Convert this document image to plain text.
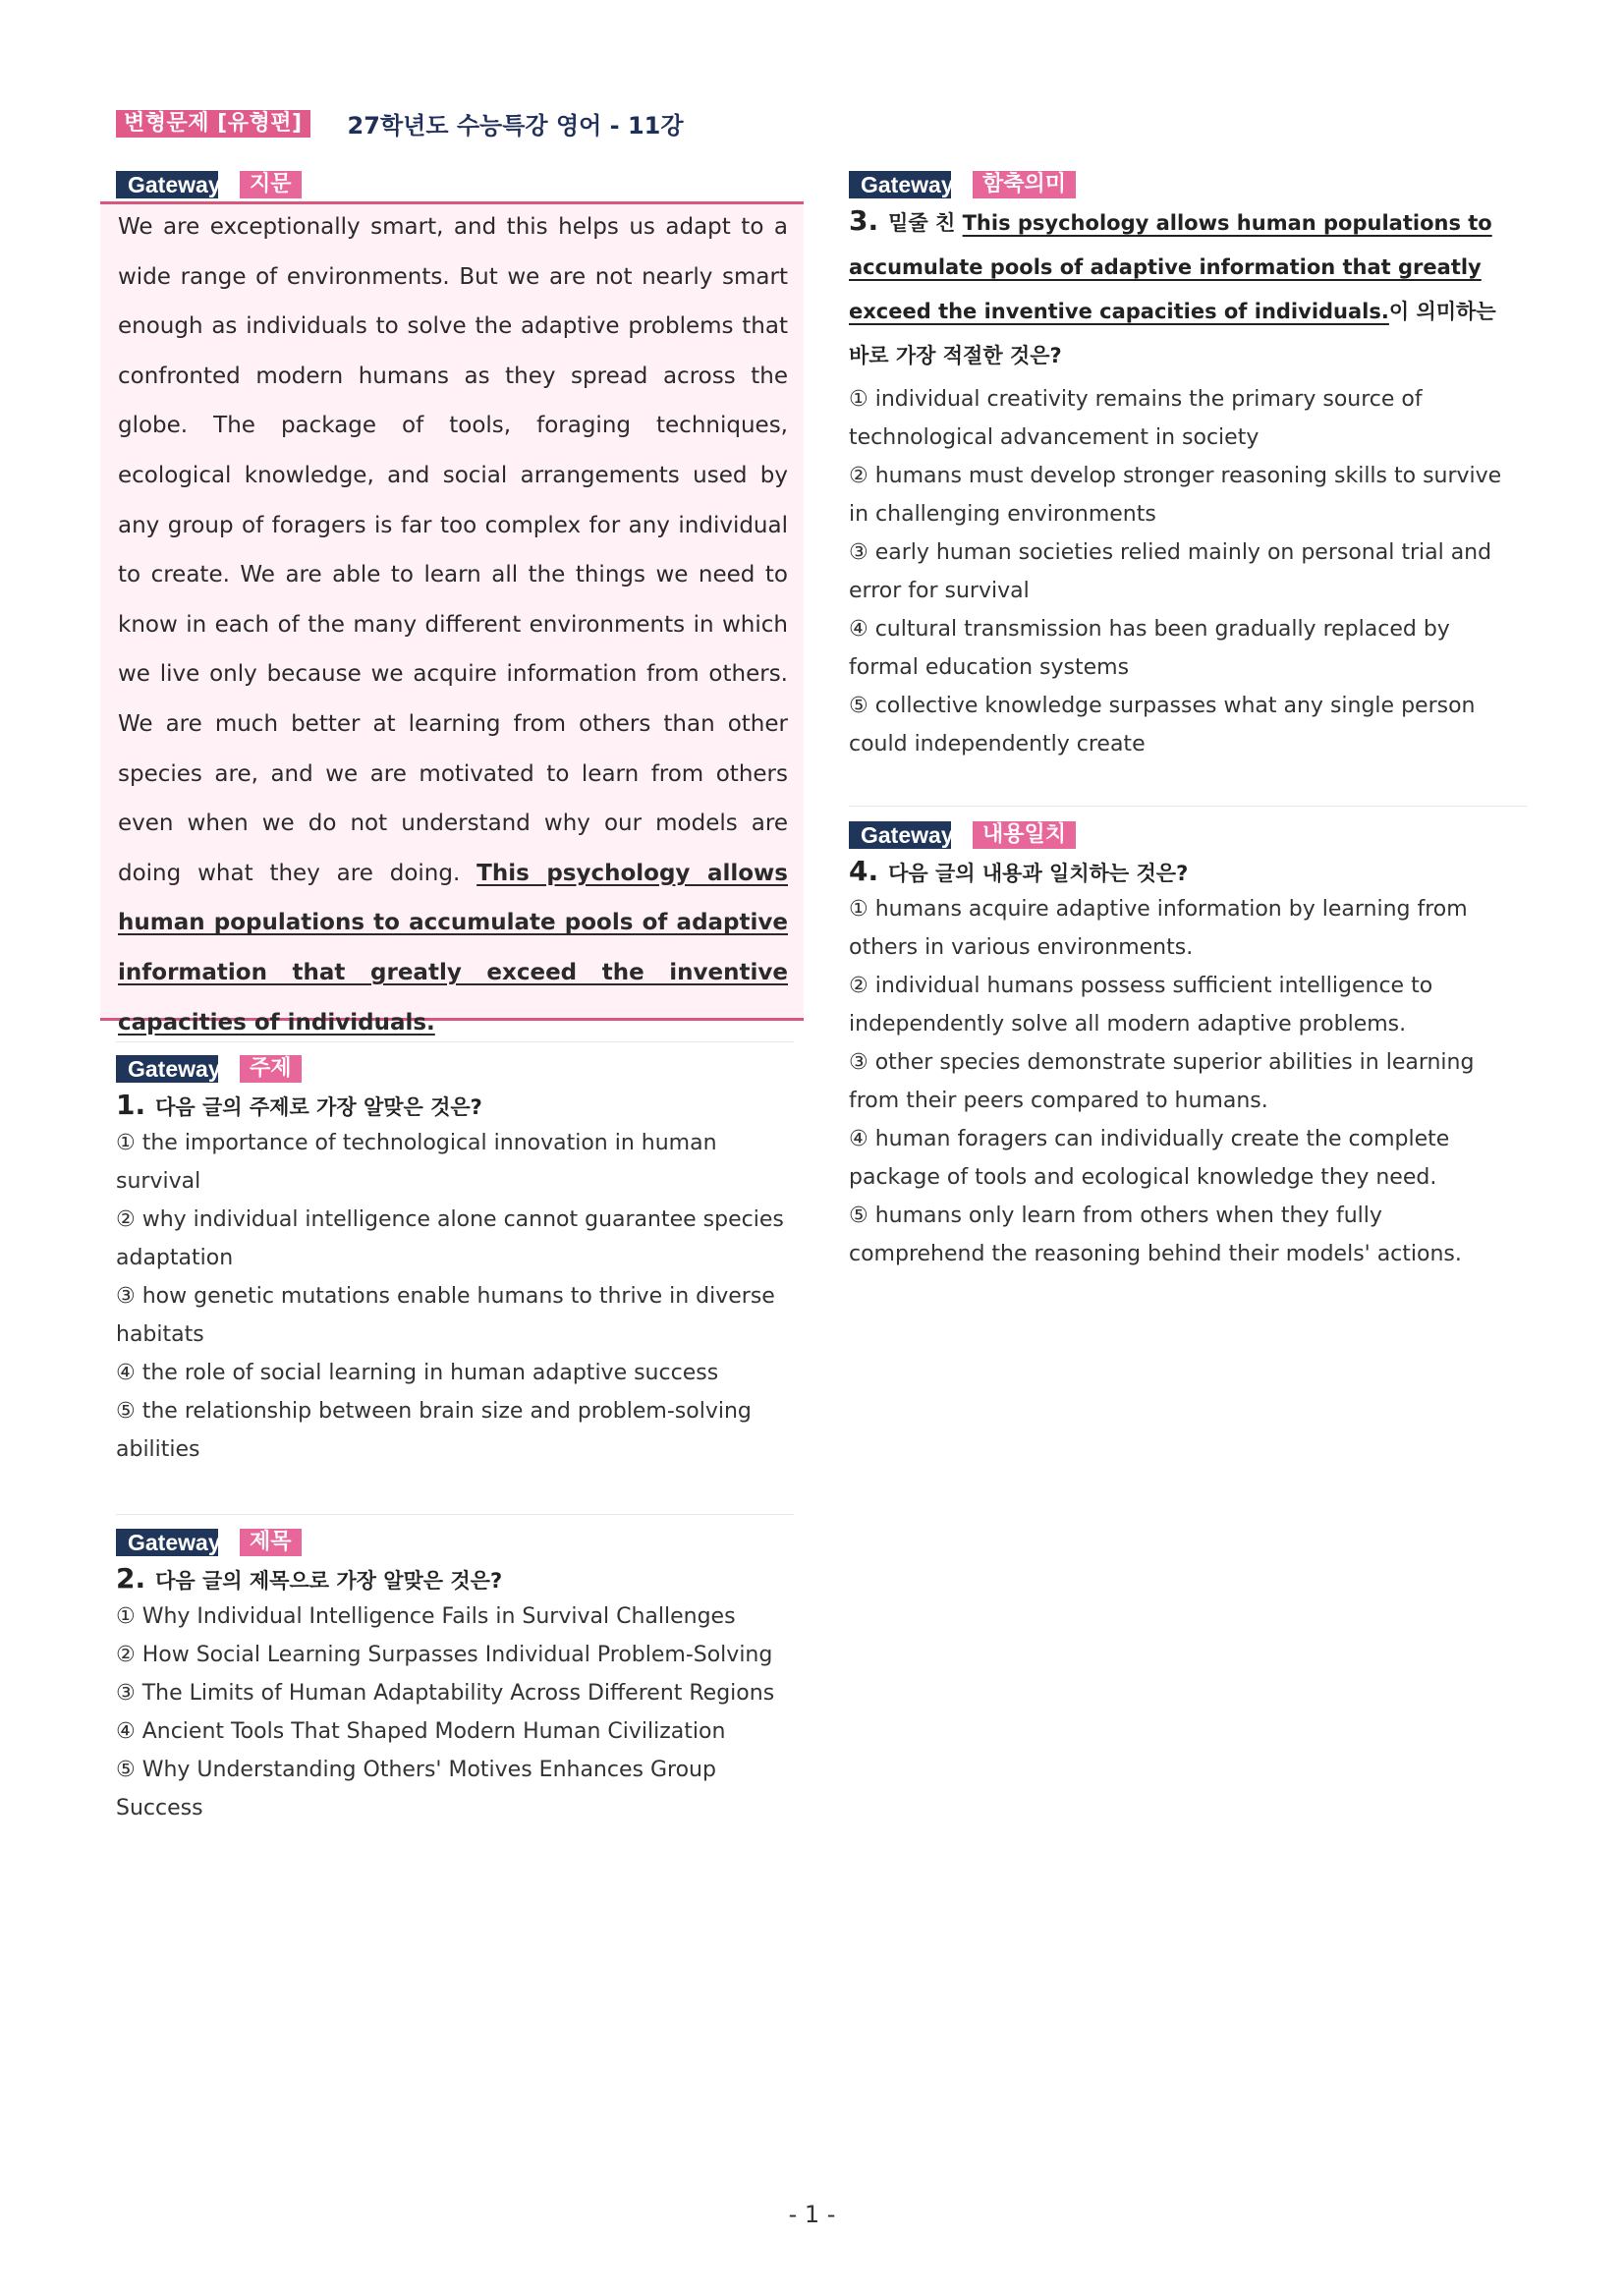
변형문제 [유형편]	27학년도 수능특강 영어 - 11강
Gateway	지문
We are exceptionally smart, and this helps us adapt to a wide range of environments. But we are not nearly smart enough as individuals to solve the adaptive problems that confronted modern humans as they spread across the globe. The package of tools, foraging techniques, ecological knowledge, and social arrangements used by any group of foragers is far too complex for any individual to create. We are able to learn all the things we need to know in each of the many different environments in which we live only because we acquire information from others. We are much better at learning from others than other species are, and we are motivated to learn from others even when we do not understand why our models are doing what they are doing. This psychology allows human populations to accumulate pools of adaptive information that greatly exceed the inventive capacities of individuals.
Gateway	주제
1. 다음 글의 주제로 가장 알맞은 것은?
① the importance of technological innovation in human survival
② why individual intelligence alone cannot guarantee species adaptation
③ how genetic mutations enable humans to thrive in diverse habitats
④ the role of social learning in human adaptive success
⑤ the relationship between brain size and problem-solving abilities
Gateway	제목
2. 다음 글의 제목으로 가장 알맞은 것은?
① Why Individual Intelligence Fails in Survival Challenges
② How Social Learning Surpasses Individual Problem-Solving
③ The Limits of Human Adaptability Across Different Regions
④ Ancient Tools That Shaped Modern Human Civilization
⑤ Why Understanding Others' Motives Enhances Group Success
Gateway	함축의미
3. 밑줄 친 This psychology allows human populations to accumulate pools of adaptive information that greatly exceed the inventive capacities of individuals.이 의미하는 바로 가장 적절한 것은?
① individual creativity remains the primary source of technological advancement in society
② humans must develop stronger reasoning skills to survive in challenging environments
③ early human societies relied mainly on personal trial and error for survival
④ cultural transmission has been gradually replaced by formal education systems
⑤ collective knowledge surpasses what any single person could independently create
Gateway	내용일치
4. 다음 글의 내용과 일치하는 것은?
① humans acquire adaptive information by learning from others in various environments.
② individual humans possess sufficient intelligence to independently solve all modern adaptive problems.
③ other species demonstrate superior abilities in learning from their peers compared to humans.
④ human foragers can individually create the complete package of tools and ecological knowledge they need.
⑤ humans only learn from others when they fully comprehend the reasoning behind their models' actions.
- 1 -
